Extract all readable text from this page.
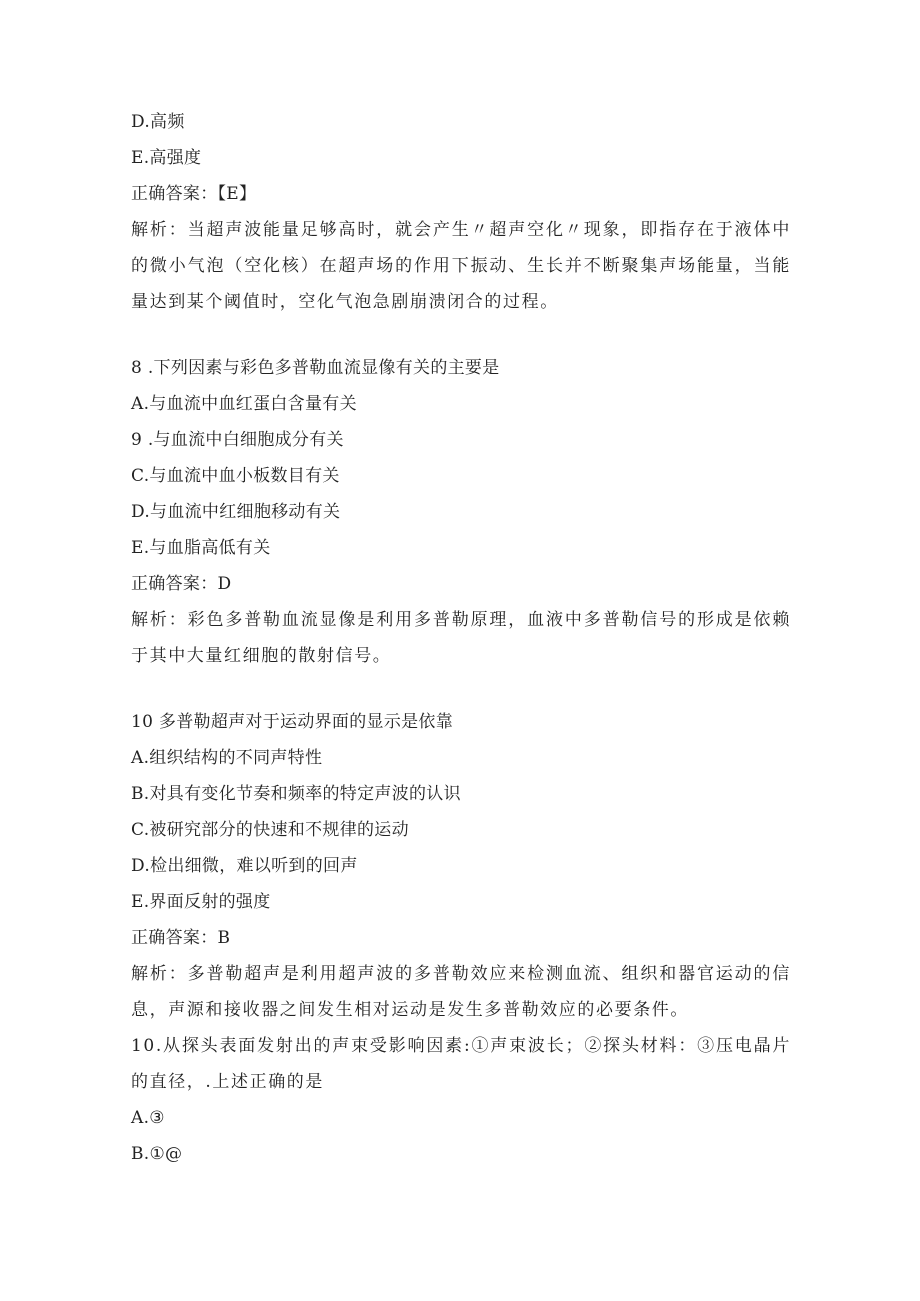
D.高频
E.高强度
正确答案：【E】
解析：当超声波能量足够高时，就会产生〃超声空化〃现象，即指存在于液体中的微小气泡（空化核）在超声场的作用下振动、生长并不断聚集声场能量，当能量达到某个阈值时，空化气泡急剧崩溃闭合的过程。
8 .下列因素与彩色多普勒血流显像有关的主要是
A.与血流中血红蛋白含量有关
9 .与血流中白细胞成分有关
C.与血流中血小板数目有关
D.与血流中红细胞移动有关
E.与血脂高低有关
正确答案：D
解析：彩色多普勒血流显像是利用多普勒原理，血液中多普勒信号的形成是依赖于其中大量红细胞的散射信号。
10 多普勒超声对于运动界面的显示是依靠
A.组织结构的不同声特性
B.对具有变化节奏和频率的特定声波的认识
C.被研究部分的快速和不规律的运动
D.检出细微，难以听到的回声
E.界面反射的强度
正确答案：B
解析：多普勒超声是利用超声波的多普勒效应来检测血流、组织和器官运动的信息，声源和接收器之间发生相对运动是发生多普勒效应的必要条件。
10.从探头表面发射出的声束受影响因素:①声束波长；②探头材料：③压电晶片的直径，.上述正确的是
A.③
B.①@
